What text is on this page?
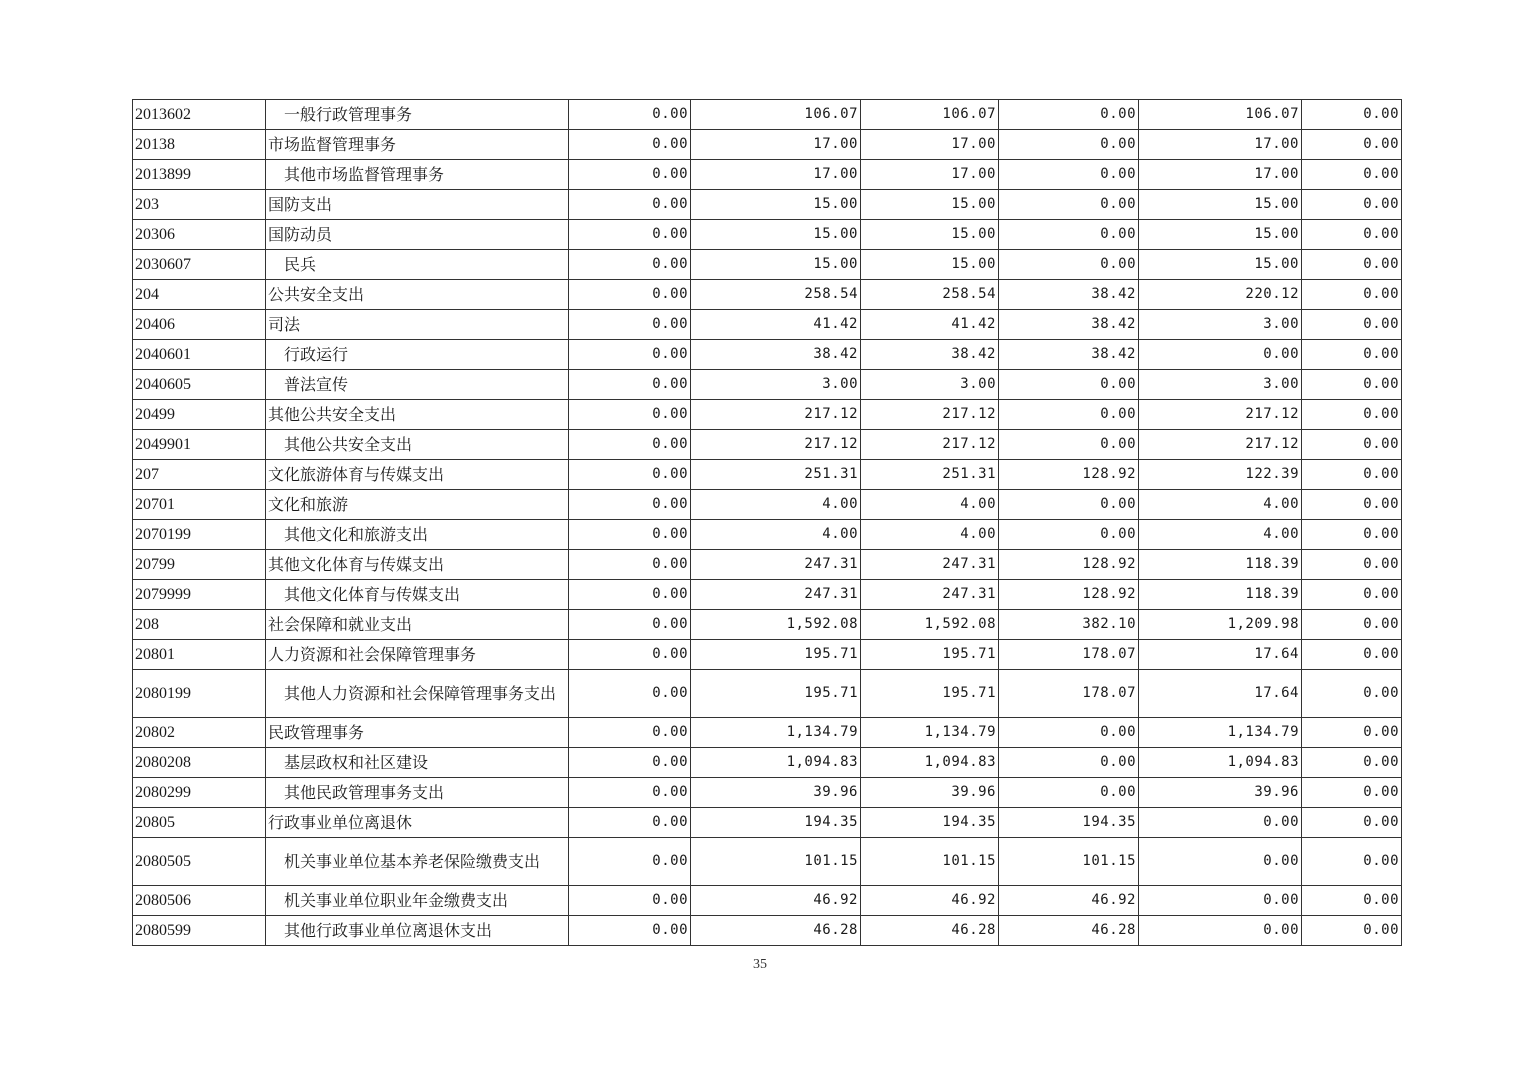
2013602	一般行政管理事务	0.00	106.07	106.07	0.00	106.07	0.00
20138	市场监督管理事务	0.00	17.00	17.00	0.00	17.00	0.00
2013899	其他市场监督管理事务	0.00	17.00	17.00	0.00	17.00	0.00
203	国防支出	0.00	15.00	15.00	0.00	15.00	0.00
20306	国防动员	0.00	15.00	15.00	0.00	15.00	0.00
2030607	民兵	0.00	15.00	15.00	0.00	15.00	0.00
204	公共安全支出	0.00	258.54	258.54	38.42	220.12	0.00
20406	司法	0.00	41.42	41.42	38.42	3.00	0.00
2040601	行政运行	0.00	38.42	38.42	38.42	0.00	0.00
2040605	普法宣传	0.00	3.00	3.00	0.00	3.00	0.00
20499	其他公共安全支出	0.00	217.12	217.12	0.00	217.12	0.00
2049901	其他公共安全支出	0.00	217.12	217.12	0.00	217.12	0.00
207	文化旅游体育与传媒支出	0.00	251.31	251.31	128.92	122.39	0.00
20701	文化和旅游	0.00	4.00	4.00	0.00	4.00	0.00
2070199	其他文化和旅游支出	0.00	4.00	4.00	0.00	4.00	0.00
20799	其他文化体育与传媒支出	0.00	247.31	247.31	128.92	118.39	0.00
2079999	其他文化体育与传媒支出	0.00	247.31	247.31	128.92	118.39	0.00
208	社会保障和就业支出	0.00	1,592.08	1,592.08	382.10	1,209.98	0.00
20801	人力资源和社会保障管理事务	0.00	195.71	195.71	178.07	17.64	0.00
2080199	其他人力资源和社会保障管理事务支出	0.00	195.71	195.71	178.07	17.64	0.00
20802	民政管理事务	0.00	1,134.79	1,134.79	0.00	1,134.79	0.00
2080208	基层政权和社区建设	0.00	1,094.83	1,094.83	0.00	1,094.83	0.00
2080299	其他民政管理事务支出	0.00	39.96	39.96	0.00	39.96	0.00
20805	行政事业单位离退休	0.00	194.35	194.35	194.35	0.00	0.00
2080505	机关事业单位基本养老保险缴费支出	0.00	101.15	101.15	101.15	0.00	0.00
2080506	机关事业单位职业年金缴费支出	0.00	46.92	46.92	46.92	0.00	0.00
2080599	其他行政事业单位离退休支出	0.00	46.28	46.28	46.28	0.00	0.00
35
